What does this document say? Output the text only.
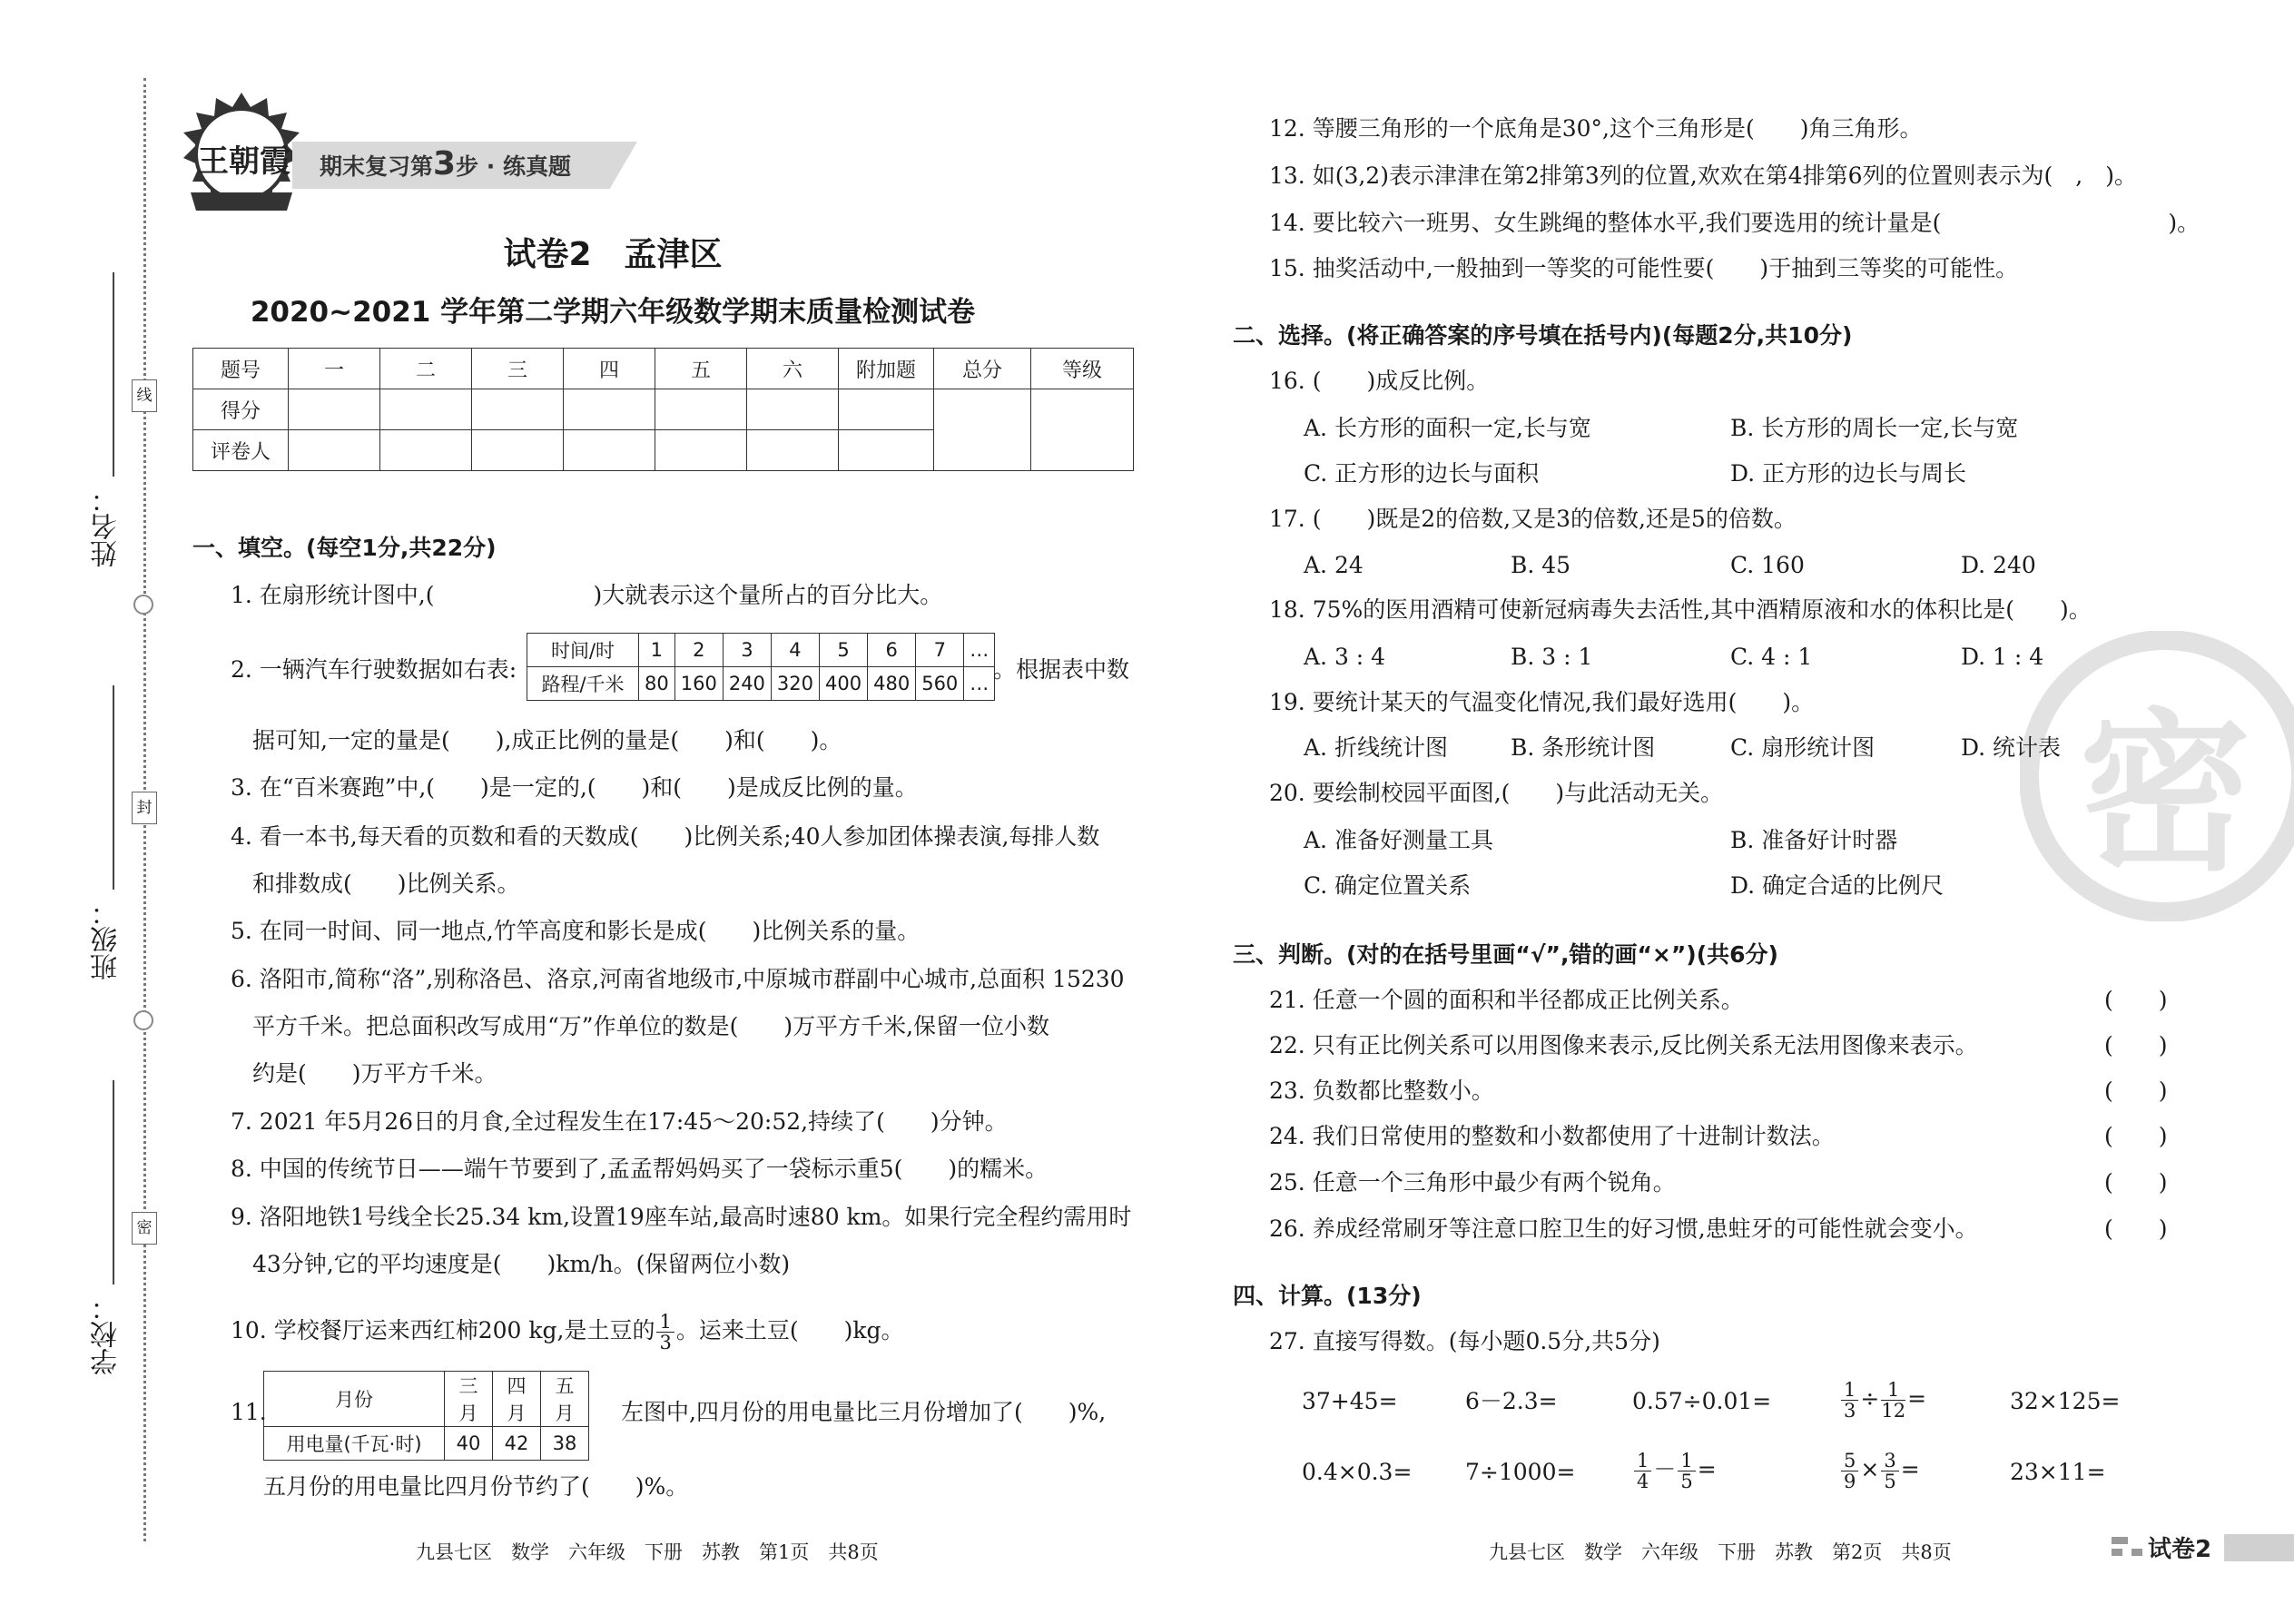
线
封
密
姓名：
班级：
学校：
王朝霞 期末复习第3步 · 练真题
试卷2　孟津区
2020~2021 学年第二学期六年级数学期末质量检测试卷
题号	一	二	三	四	五	六	附加题	总分	等级
得分									
评卷人									
一、填空。(每空1分,共22分)
1. 在扇形统计图中,(　　　　　　　)大就表示这个量所占的百分比大。
2. 一辆汽车行驶数据如右表:
时间/时	1	2	3	4	5	6	7	…
路程/千米	80	160	240	320	400	480	560	…
。根据表中数
据可知,一定的量是(　　),成正比例的量是(　　)和(　　)。
3. 在“百米赛跑”中,(　　)是一定的,(　　)和(　　)是成反比例的量。
4. 看一本书,每天看的页数和看的天数成(　　)比例关系;40人参加团体操表演,每排人数
和排数成(　　)比例关系。
5. 在同一时间、同一地点,竹竿高度和影长是成(　　)比例关系的量。
6. 洛阳市,简称“洛”,别称洛邑、洛京,河南省地级市,中原城市群副中心城市,总面积 15230
平方千米。把总面积改写成用“万”作单位的数是(　　)万平方千米,保留一位小数
约是(　　)万平方千米。
7. 2021 年5月26日的月食,全过程发生在17:45～20:52,持续了(　　)分钟。
8. 中国的传统节日——端午节要到了,孟孟帮妈妈买了一袋标示重5(　　)的糯米。
9. 洛阳地铁1号线全长25.34 km,设置19座车站,最高时速80 km。如果行完全程约需用时
43分钟,它的平均速度是(　　)km/h。(保留两位小数)
10. 学校餐厅运来西红柿200 kg,是土豆的 $\frac{1}{3}$ 。运来土豆(　　)kg。
11.	月份	三月	四月	五月
用电量(千瓦·时)	40	42	38
左图中,四月份的用电量比三月份增加了(　　)%,
五月份的用电量比四月份节约了(　　)%。
九县七区　数学　六年级　下册　苏教　第1页　共8页
密
12. 等腰三角形的一个底角是30°,这个三角形是(　　)角三角形。
13. 如(3,2)表示津津在第2排第3列的位置,欢欢在第4排第6列的位置则表示为(　,　)。
14. 要比较六一班男、女生跳绳的整体水平,我们要选用的统计量是(　　　　　　　　　　)。
15. 抽奖活动中,一般抽到一等奖的可能性要(　　)于抽到三等奖的可能性。
二、选择。(将正确答案的序号填在括号内)(每题2分,共10分)
16. (　　)成反比例。
A. 长方形的面积一定,长与宽	B. 长方形的周长一定,长与宽
C. 正方形的边长与面积	D. 正方形的边长与周长
17. (　　)既是2的倍数,又是3的倍数,还是5的倍数。
A. 24	B. 45	C. 160	D. 240
18. 75%的医用酒精可使新冠病毒失去活性,其中酒精原液和水的体积比是(　　)。
A. 3 : 4	B. 3 : 1	C. 4 : 1	D. 1 : 4
19. 要统计某天的气温变化情况,我们最好选用(　　)。
A. 折线统计图	B. 条形统计图	C. 扇形统计图	D. 统计表
20. 要绘制校园平面图,(　　)与此活动无关。
A. 准备好测量工具	B. 准备好计时器
C. 确定位置关系	D. 确定合适的比例尺
三、判断。(对的在括号里画“√”,错的画“×”)(共6分)
21. 任意一个圆的面积和半径都成正比例关系。
22. 只有正比例关系可以用图像来表示,反比例关系无法用图像来表示。
23. 负数都比整数小。
24. 我们日常使用的整数和小数都使用了十进制计数法。
25. 任意一个三角形中最少有两个锐角。
26. 养成经常刷牙等注意口腔卫生的好习惯,患蛀牙的可能性就会变小。
(　　)
(　　)
(　　)
(　　)
(　　)
(　　)
四、计算。(13分)
27. 直接写得数。(每小题0.5分,共5分)
37+45=	6－2.3=	0.57÷0.01=	$\frac{1}{3} \div \frac{1}{12}$ =	32×125=
0.4×0.3= 7÷1000=	$\frac{1}{4} - \frac{1}{5}$ =	$\frac{5}{9} \times \frac{3}{5}$ =	23×11=
九县七区　数学　六年级　下册　苏教　第2页　共8页	试卷2
